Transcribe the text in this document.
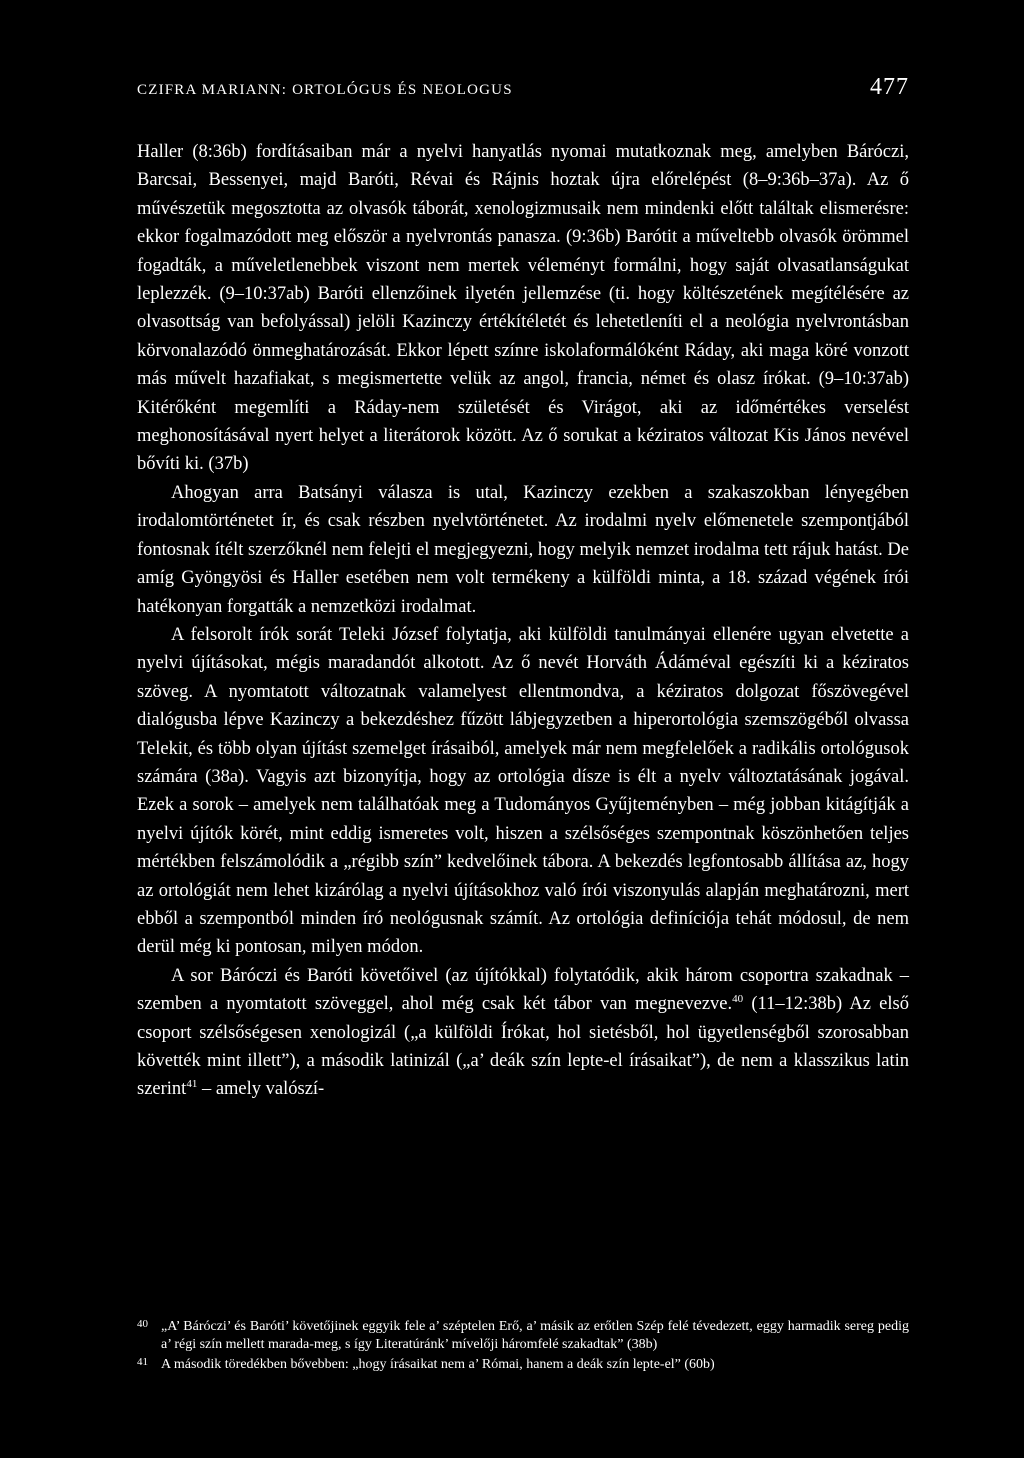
CZIFRA MARIANN: ORTOLÓGUS ÉS NEOLOGUS	477

Haller (8:36b) fordításaiban már a nyelvi hanyatlás nyomai mutatkoznak meg, amelyben Báróczi, Barcsai, Bessenyei, majd Baróti, Révai és Rájnis hoztak újra előrelépést (8–9:36b–37a). Az ő művészetük megosztotta az olvasók táborát, xenologizmusaik nem mindenki előtt találtak elismerésre: ekkor fogalmazódott meg először a nyelvrontás panasza. (9:36b) Barótit a műveltebb olvasók örömmel fogadták, a műveletlenebbek viszont nem mertek véleményt formálni, hogy saját olvasatlanságukat leplezzék. (9–10:37ab) Baróti ellenzőinek ilyetén jellemzése (ti. hogy költészetének megítélésére az olvasottság van befolyással) jelöli Kazinczy értékítéletét és lehetetleníti el a neológia nyelvrontásban körvonalazódó önmeghatározását. Ekkor lépett színre iskolaformálóként Ráday, aki maga köré vonzott más művelt hazafiakat, s megismertette velük az angol, francia, német és olasz írókat. (9–10:37ab) Kitérőként megemlíti a Ráday-nem születését és Virágot, aki az időmértékes verselést meghonosításával nyert helyet a literátorok között. Az ő sorukat a kéziratos változat Kis János nevével bővíti ki. (37b)

Ahogyan arra Batsányi válasza is utal, Kazinczy ezekben a szakaszokban lényegében irodalomtörténetet ír, és csak részben nyelvtörténetet. Az irodalmi nyelv előmenetele szempontjából fontosnak ítélt szerzőknél nem felejti el megjegyezni, hogy melyik nemzet irodalma tett rájuk hatást. De amíg Gyöngyösi és Haller esetében nem volt termékeny a külföldi minta, a 18. század végének írói hatékonyan forgatták a nemzetközi irodalmat.

A felsorolt írók sorát Teleki József folytatja, aki külföldi tanulmányai ellenére ugyan elvetette a nyelvi újításokat, mégis maradandót alkotott. Az ő nevét Horváth Ádáméval egészíti ki a kéziratos szöveg. A nyomtatott változatnak valamelyest ellentmondva, a kéziratos dolgozat főszövegével dialógusba lépve Kazinczy a bekezdéshez fűzött lábjegyzetben a hiperortológia szemszögéből olvassa Telekit, és több olyan újítást szemelget írásaiból, amelyek már nem megfelelőek a radikális ortológusok számára (38a). Vagyis azt bizonyítja, hogy az ortológia dísze is élt a nyelv változtatásának jogával. Ezek a sorok – amelyek nem találhatóak meg a Tudományos Gyűjteményben – még jobban kitágítják a nyelvi újítók körét, mint eddig ismeretes volt, hiszen a szélsőséges szempontnak köszönhetően teljes mértékben felszámolódik a „régibb szín” kedvelőinek tábora. A bekezdés legfontosabb állítása az, hogy az ortológiát nem lehet kizárólag a nyelvi újításokhoz való írói viszonyulás alapján meghatározni, mert ebből a szempontból minden író neológusnak számít. Az ortológia definíciója tehát módosul, de nem derül még ki pontosan, milyen módon.

A sor Báróczi és Baróti követőivel (az újítókkal) folytatódik, akik három csoportra szakadnak – szemben a nyomtatott szöveggel, ahol még csak két tábor van megnevezve.$^{40}$ (11–12:38b) Az első csoport szélsőségesen xenologizál („a külföldi Írókat, hol sietésből, hol ügyetlenségből szorosabban követték mint illett”), a második latinizál („a’ deák szín lepte-el írásaikat”), de nem a klasszikus latin szerint$^{41}$ – amely valószí-

40 „A’ Báróczi’ és Baróti’ követőjinek eggyik fele a’ széptelen Erő, a’ másik az erőtlen Szép felé tévedezett, eggy harmadik sereg pedig a’ régi szín mellett marada-meg, s így Literatúránk’ mívelőji háromfelé szakadtak” (38b)

41 A második töredékben bővebben: „hogy írásaikat nem a’ Római, hanem a deák szín lepte-el” (60b)
